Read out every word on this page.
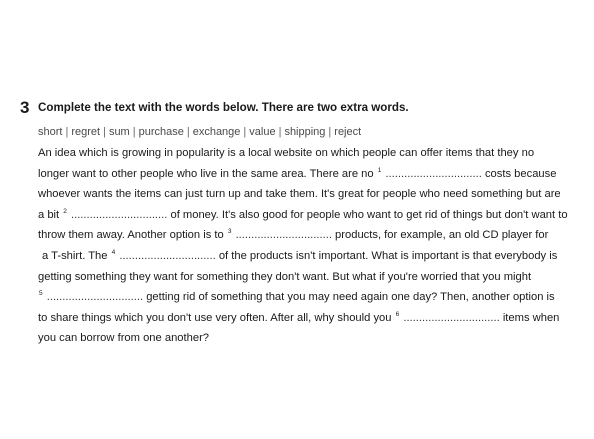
3 Complete the text with the words below. There are two extra words.
short | regret | sum | purchase | exchange | value | shipping | reject
An idea which is growing in popularity is a local website on which people can offer items that they no
longer want to other people who live in the same area. There are no $^1$ ............................... costs because
whoever wants the items can just turn up and take them. It's great for people who need something but are
a bit $^2$ ............................... of money. It's also good for people who want to get rid of things but don't want to
throw them away. Another option is to $^3$ ............................... products, for example, an old CD player for
a T-shirt. The $^4$ ............................... of the products isn't important. What is important is that everybody is
getting something they want for something they don't want. But what if you're worried that you might
$^5$ ............................... getting rid of something that you may need again one day? Then, another option is
to share things which you don't use very often. After all, why should you $^6$ ............................... items when
you can borrow from one another?
